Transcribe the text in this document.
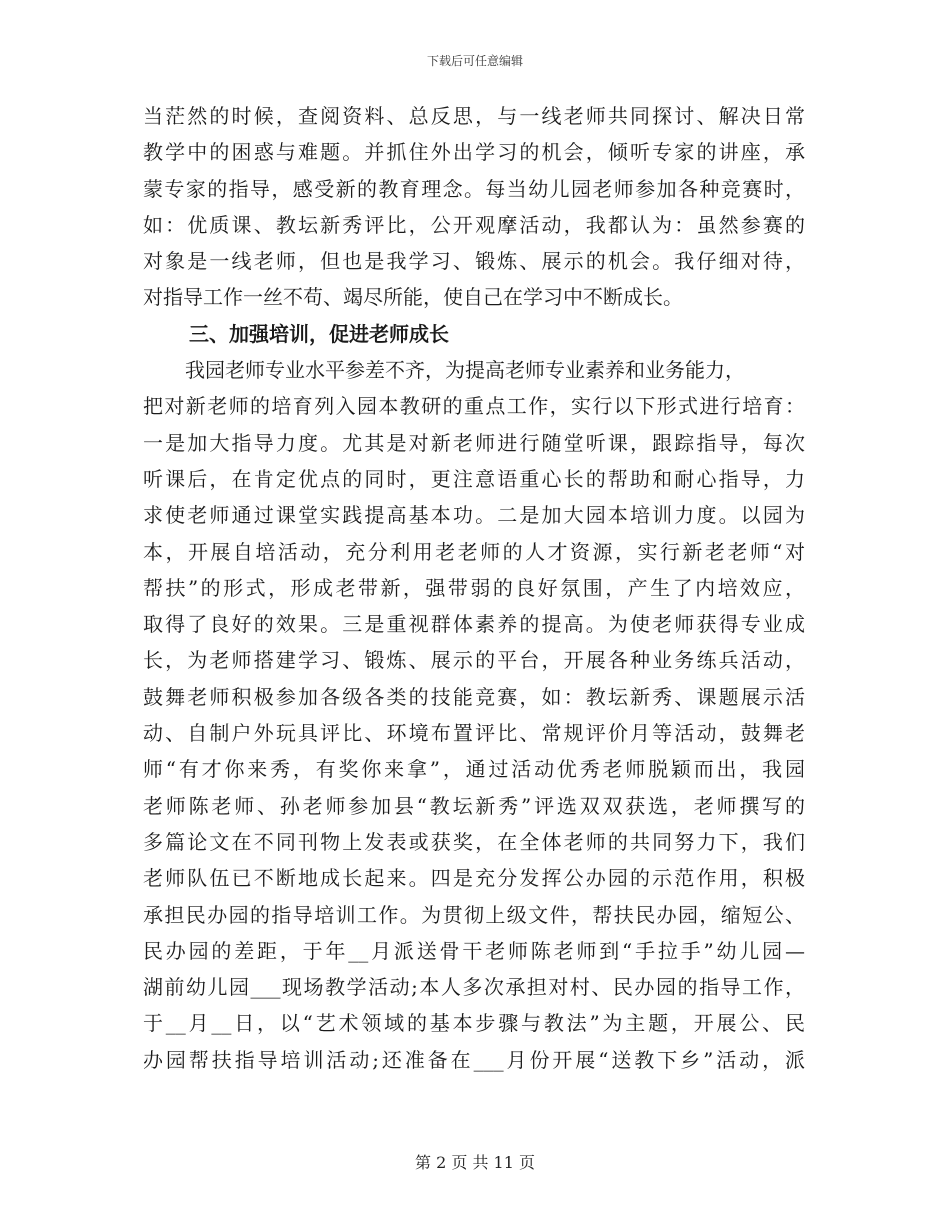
下载后可任意编辑
当茫然的时候，查阅资料、总反思，与一线老师共同探讨、解决日常
教学中的困惑与难题。并抓住外出学习的机会，倾听专家的讲座，承
蒙专家的指导，感受新的教育理念。每当幼儿园老师参加各种竞赛时，
如：优质课、教坛新秀评比，公开观摩活动，我都认为：虽然参赛的
对象是一线老师，但也是我学习、锻炼、展示的机会。我仔细对待，
对指导工作一丝不苟、竭尽所能，使自己在学习中不断成长。
三、加强培训，促进老师成长
我园老师专业水平参差不齐，为提高老师专业素养和业务能力，
把对新老师的培育列入园本教研的重点工作，实行以下形式进行培育：
一是加大指导力度。尤其是对新老师进行随堂听课，跟踪指导，每次
听课后，在肯定优点的同时，更注意语重心长的帮助和耐心指导，力
求使老师通过课堂实践提高基本功。二是加大园本培训力度。以园为
本，开展自培活动，充分利用老老师的人才资源，实行新老老师“对
帮扶”的形式，形成老带新，强带弱的良好氛围，产生了内培效应，
取得了良好的效果。三是重视群体素养的提高。为使老师获得专业成
长，为老师搭建学习、锻炼、展示的平台，开展各种业务练兵活动，
鼓舞老师积极参加各级各类的技能竞赛，如：教坛新秀、课题展示活
动、自制户外玩具评比、环境布置评比、常规评价月等活动，鼓舞老
师“有才你来秀，有奖你来拿”，通过活动优秀老师脱颖而出，我园
老师陈老师、孙老师参加县“教坛新秀”评选双双获选，老师撰写的
多篇论文在不同刊物上发表或获奖，在全体老师的共同努力下，我们
老师队伍已不断地成长起来。四是充分发挥公办园的示范作用，积极
承担民办园的指导培训工作。为贯彻上级文件，帮扶民办园，缩短公、
民办园的差距，于年__月派送骨干老师陈老师到“手拉手”幼儿园—
湖前幼儿园___现场教学活动;本人多次承担对村、民办园的指导工作，
于__月__日，以“艺术领域的基本步骤与教法”为主题，开展公、民
办园帮扶指导培训活动;还准备在___月份开展“送教下乡”活动，派
第 2 页 共 11 页
